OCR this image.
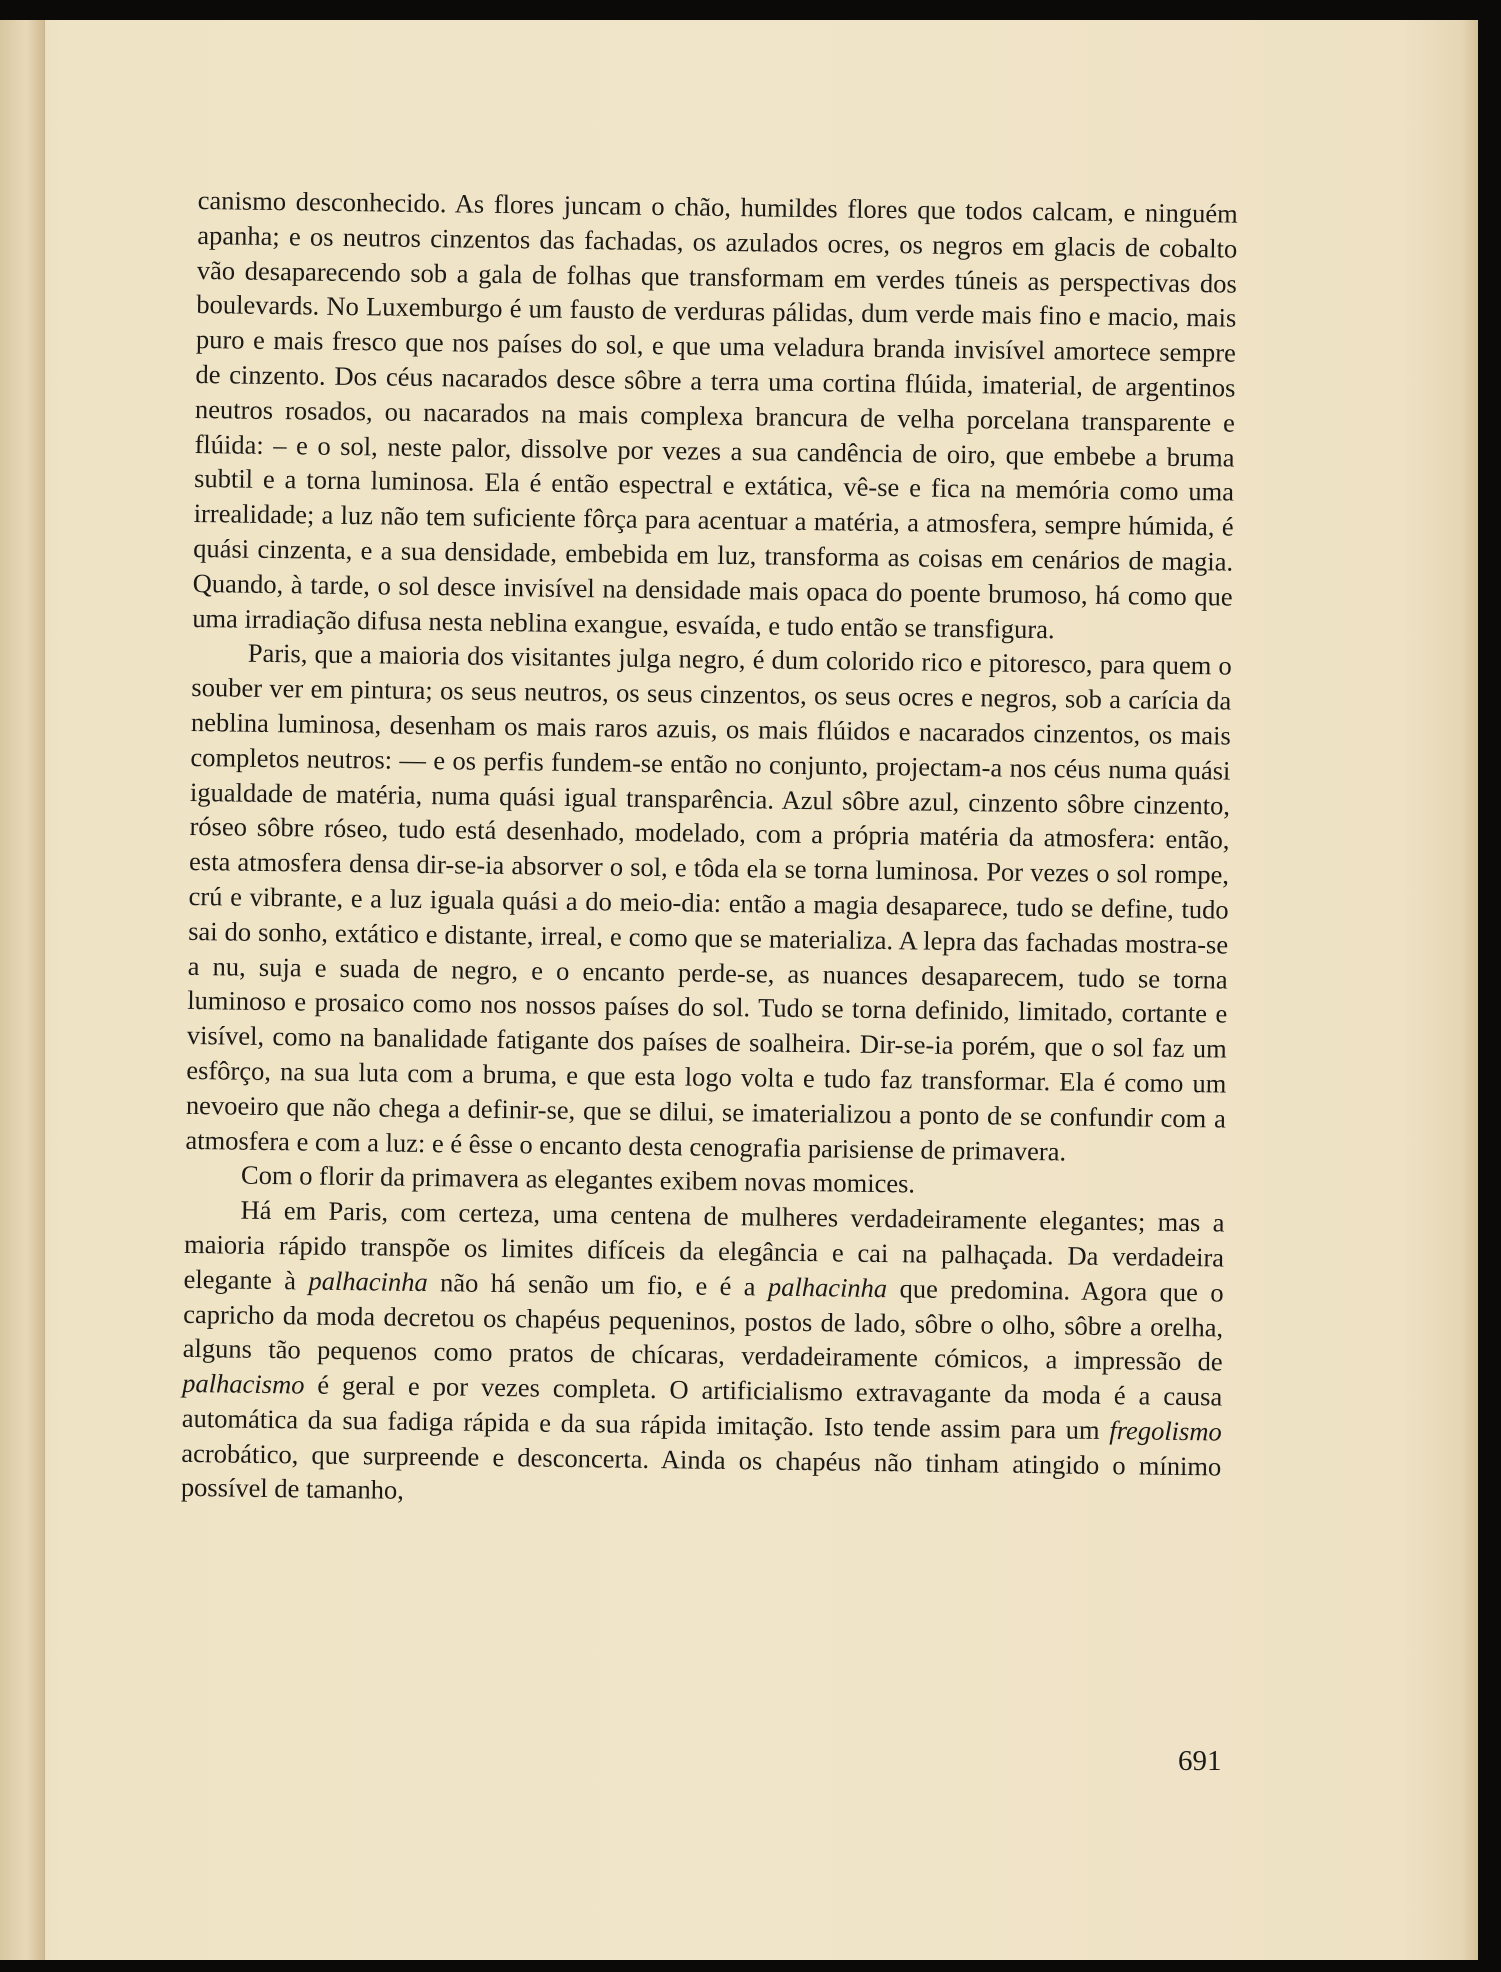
canismo desconhecido. As flores juncam o chão, humildes flores que todos calcam, e ninguém apanha; e os neutros cinzentos das fachadas, os azulados ocres, os negros em glacis de cobalto vão desaparecendo sob a gala de folhas que transformam em verdes túneis as perspectivas dos boulevards. No Luxemburgo é um fausto de verduras pálidas, dum verde mais fino e macio, mais puro e mais fresco que nos países do sol, e que uma veladura branda invisível amortece sempre de cinzento. Dos céus nacarados desce sôbre a terra uma cortina flúida, imaterial, de argentinos neutros rosados, ou nacarados na mais complexa brancura de velha porcelana transparente e flúida: – e o sol, neste palor, dissolve por vezes a sua candência de oiro, que embebe a bruma subtil e a torna luminosa. Ela é então espectral e extática, vê-se e fica na memória como uma irrealidade; a luz não tem suficiente fôrça para acentuar a matéria, a atmosfera, sempre húmida, é quási cinzenta, e a sua densidade, embebida em luz, transforma as coisas em cenários de magia. Quando, à tarde, o sol desce invisível na densidade mais opaca do poente brumoso, há como que uma irradiação difusa nesta neblina exangue, esvaída, e tudo então se transfigura.

Paris, que a maioria dos visitantes julga negro, é dum colorido rico e pitoresco, para quem o souber ver em pintura; os seus neutros, os seus cinzentos, os seus ocres e negros, sob a carícia da neblina luminosa, desenham os mais raros azuis, os mais flúidos e nacarados cinzentos, os mais completos neutros: — e os perfis fundem-se então no conjunto, projectam-a nos céus numa quási igualdade de matéria, numa quási igual transparência. Azul sôbre azul, cinzento sôbre cinzento, róseo sôbre róseo, tudo está desenhado, modelado, com a própria matéria da atmosfera: então, esta atmosfera densa dir-se-ia absorver o sol, e tôda ela se torna luminosa. Por vezes o sol rompe, crú e vibrante, e a luz iguala quási a do meio-dia: então a magia desaparece, tudo se define, tudo sai do sonho, extático e distante, irreal, e como que se materializa. A lepra das fachadas mostra-se a nu, suja e suada de negro, e o encanto perde-se, as nuances desaparecem, tudo se torna luminoso e prosaico como nos nossos países do sol. Tudo se torna definido, limitado, cortante e visível, como na banalidade fatigante dos países de soalheira. Dir-se-ia porém, que o sol faz um esfôrço, na sua luta com a bruma, e que esta logo volta e tudo faz transformar. Ela é como um nevoeiro que não chega a definir-se, que se dilui, se imaterializou a ponto de se confundir com a atmosfera e com a luz: e é êsse o encanto desta cenografia parisiense de primavera.

Com o florir da primavera as elegantes exibem novas momices.

Há em Paris, com certeza, uma centena de mulheres verdadeiramente elegantes; mas a maioria rápido transpõe os limites difíceis da elegância e cai na palhaçada. Da verdadeira elegante à palhacinha não há senão um fio, e é a palhacinha que predomina. Agora que o capricho da moda decretou os chapéus pequeninos, postos de lado, sôbre o olho, sôbre a orelha, alguns tão pequenos como pratos de chícaras, verdadeiramente cómicos, a impressão de palhacismo é geral e por vezes completa. O artificialismo extravagante da moda é a causa automática da sua fadiga rápida e da sua rápida imitação. Isto tende assim para um fregolismo acrobático, que surpreende e desconcerta. Ainda os chapéus não tinham atingido o mínimo possível de tamanho,

691
